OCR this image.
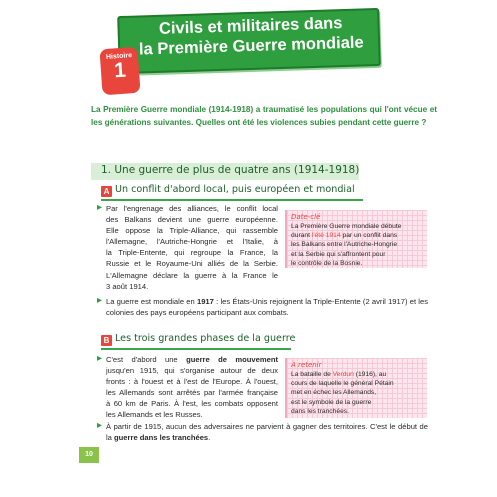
Civils et militaires dans
la Première Guerre mondiale
Histoire
1
La Première Guerre mondiale (1914-1918) a traumatisé les populations qui l'ont vécue et les générations suivantes. Quelles ont été les violences subies pendant cette guerre ?
1. Une guerre de plus de quatre ans (1914-1918)
A Un conflit d'abord local, puis européen et mondial
▸ Par l'engrenage des alliances, le conflit local
des Balkans devient une guerre européenne.
Elle oppose la Triple-Alliance, qui rassemble
l'Allemagne, l'Autriche-Hongrie et l'Italie, à
la Triple-Entente, qui regroupe la France, la
Russie et le Royaume-Uni alliés de la Serbie.
L'Allemagne déclare la guerre à la France le
3 août 1914.
Date-clé
La Première Guerre mondiale débute
durant l'été 1914 par un conflit dans
les Balkans entre l'Autriche-Hongrie
et la Serbie qui s'affrontent pour
le contrôle de la Bosnie.
▸ La guerre est mondiale en 1917 : les États-Unis rejoignent la Triple-Entente (2 avril 1917) et les colonies des pays européens participant aux combats.
B Les trois grandes phases de la guerre
▸ C'est d'abord une guerre de mouvement
jusqu'en 1915, qui s'organise autour de deux
fronts : à l'ouest et à l'est de l'Europe. À l'ouest,
les Allemands sont arrêtés par l'armée française
à 60 km de Paris. À l'est, les combats opposent
les Allemands et les Russes.
À retenir
La bataille de Verdun (1916), au
cours de laquelle le général Pétain
met en échec les Allemands,
est le symbole de la guerre
dans les tranchées.
▸ À partir de 1915, aucun des adversaires ne parvient à gagner des territoires. C'est le début de la guerre dans les tranchées.
10
